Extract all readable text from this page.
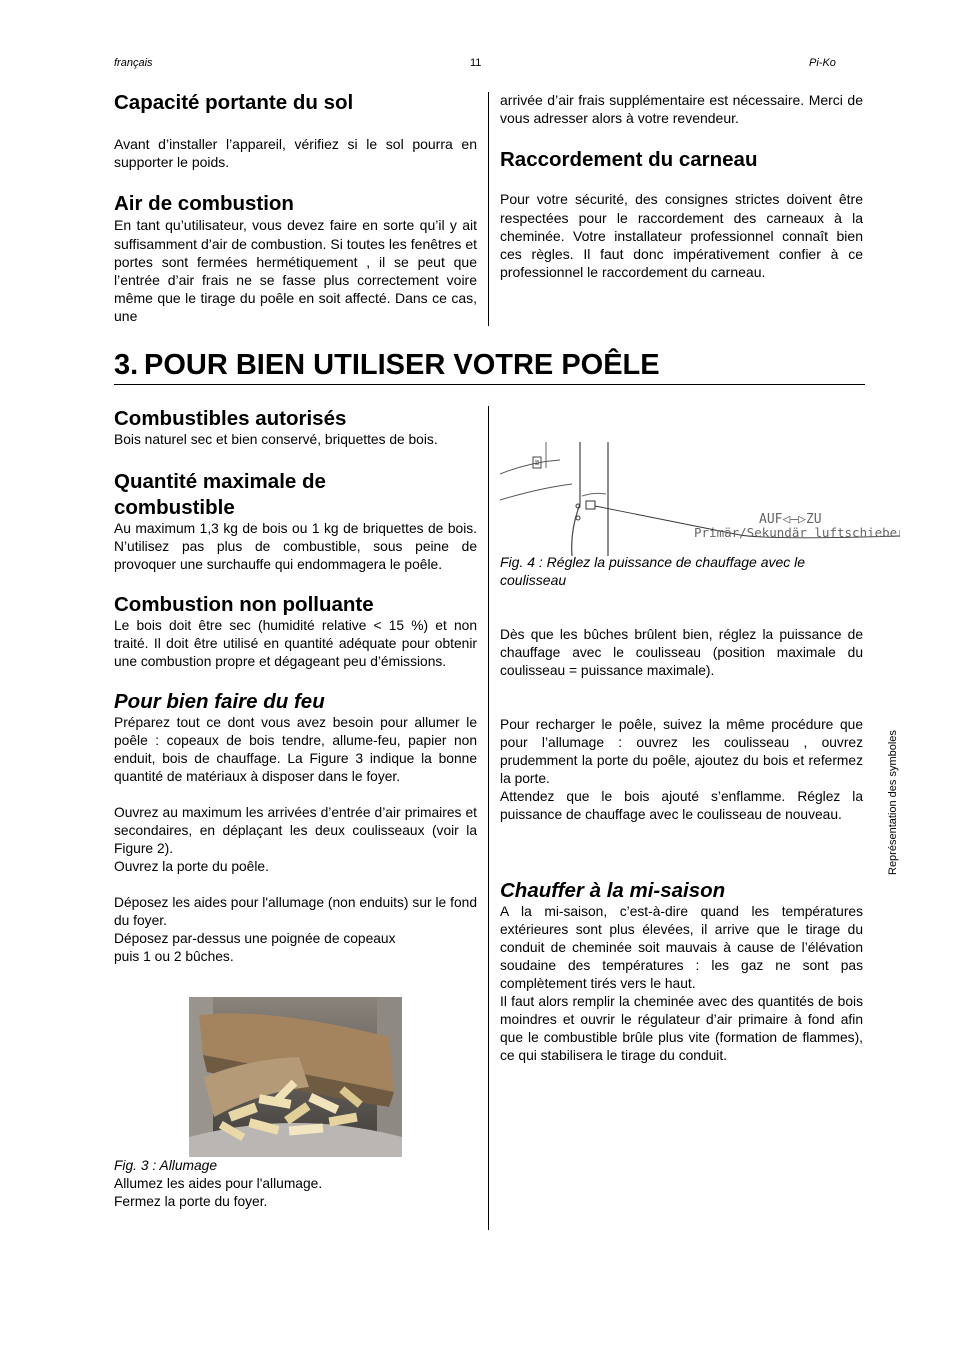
français	11	Pi-Ko
Capacité portante du sol

Avant d’installer l’appareil, vérifiez si le sol pourra en supporter le poids.

Air de combustion

En tant qu’utilisateur, vous devez faire en sorte qu’il y ait suffisamment d’air de combustion. Si toutes les fenêtres et portes sont fermées hermétiquement , il se peut que l’entrée d’air frais ne se fasse plus correctement voire même que le tirage du poêle en soit affecté. Dans ce cas, une

arrivée d’air frais supplémentaire est nécessaire. Merci de vous adresser alors à votre revendeur.

Raccordement du carneau

Pour votre sécurité, des consignes strictes doivent être respectées pour le raccordement des carneaux à la cheminée. Votre installateur professionnel connaît bien ces règles. Il faut donc impérativement confier à ce professionnel le raccordement du carneau.

3. POUR BIEN UTILISER VOTRE POÊLE
Combustibles autorisés

Bois naturel sec et bien conservé, briquettes de bois.

Quantité maximale de
combustible

Au maximum 1,3 kg de bois ou 1 kg de briquettes de bois. N’utilisez pas plus de combustible, sous peine de provoquer une surchauffe qui endommagera le poêle.

Combustion non polluante

Le bois doit être sec (humidité relative < 15 %) et non traité. Il doit être utilisé en quantité adéquate pour obtenir une combustion propre et dégageant peu d’émissions.

Pour bien faire du feu

Préparez tout ce dont vous avez besoin pour allumer le poêle : copeaux de bois tendre, allume-feu, papier non enduit, bois de chauffage. La Figure 3 indique la bonne quantité de matériaux à disposer dans le foyer.

Ouvrez au maximum les arrivées d’entrée d’air primaires et secondaires, en déplaçant les deux coulisseaux (voir la Figure 2).

Ouvrez la porte du poêle.

Déposez les aides pour l'allumage (non enduits) sur le fond du foyer.

Déposez par-dessus une poignée de copeaux

puis 1 ou 2 bûches.

Fig. 3 : Allumage

Allumez les aides pour l'allumage.

Fermez la porte du foyer.

AUF◁—▷ZU
Primär/Sekundär luftschieber

Fig. 4 : Réglez la puissance de chauffage avec le

coulisseau

Dès que les bûches brûlent bien, réglez la puissance de chauffage avec le coulisseau (position maximale du coulisseau = puissance maximale).

Pour recharger le poêle, suivez la même procédure que pour l’allumage : ouvrez les coulisseau , ouvrez prudemment la porte du poêle, ajoutez du bois et refermez la porte.

Attendez que le bois ajouté s’enflamme. Réglez la puissance de chauffage avec le coulisseau de nouveau.

Chauffer à la mi-saison

A la mi-saison, c’est-à-dire quand les températures extérieures sont plus élevées, il arrive que le tirage du conduit de cheminée soit mauvais à cause de l’élévation soudaine des températures : les gaz ne sont pas complètement tirés vers le haut.

Il faut alors remplir la cheminée avec des quantités de bois moindres et ouvrir le régulateur d’air primaire à fond afin que le combustible brûle plus vite (formation de flammes), ce qui stabilisera le tirage du conduit.

Représentation des symboles
